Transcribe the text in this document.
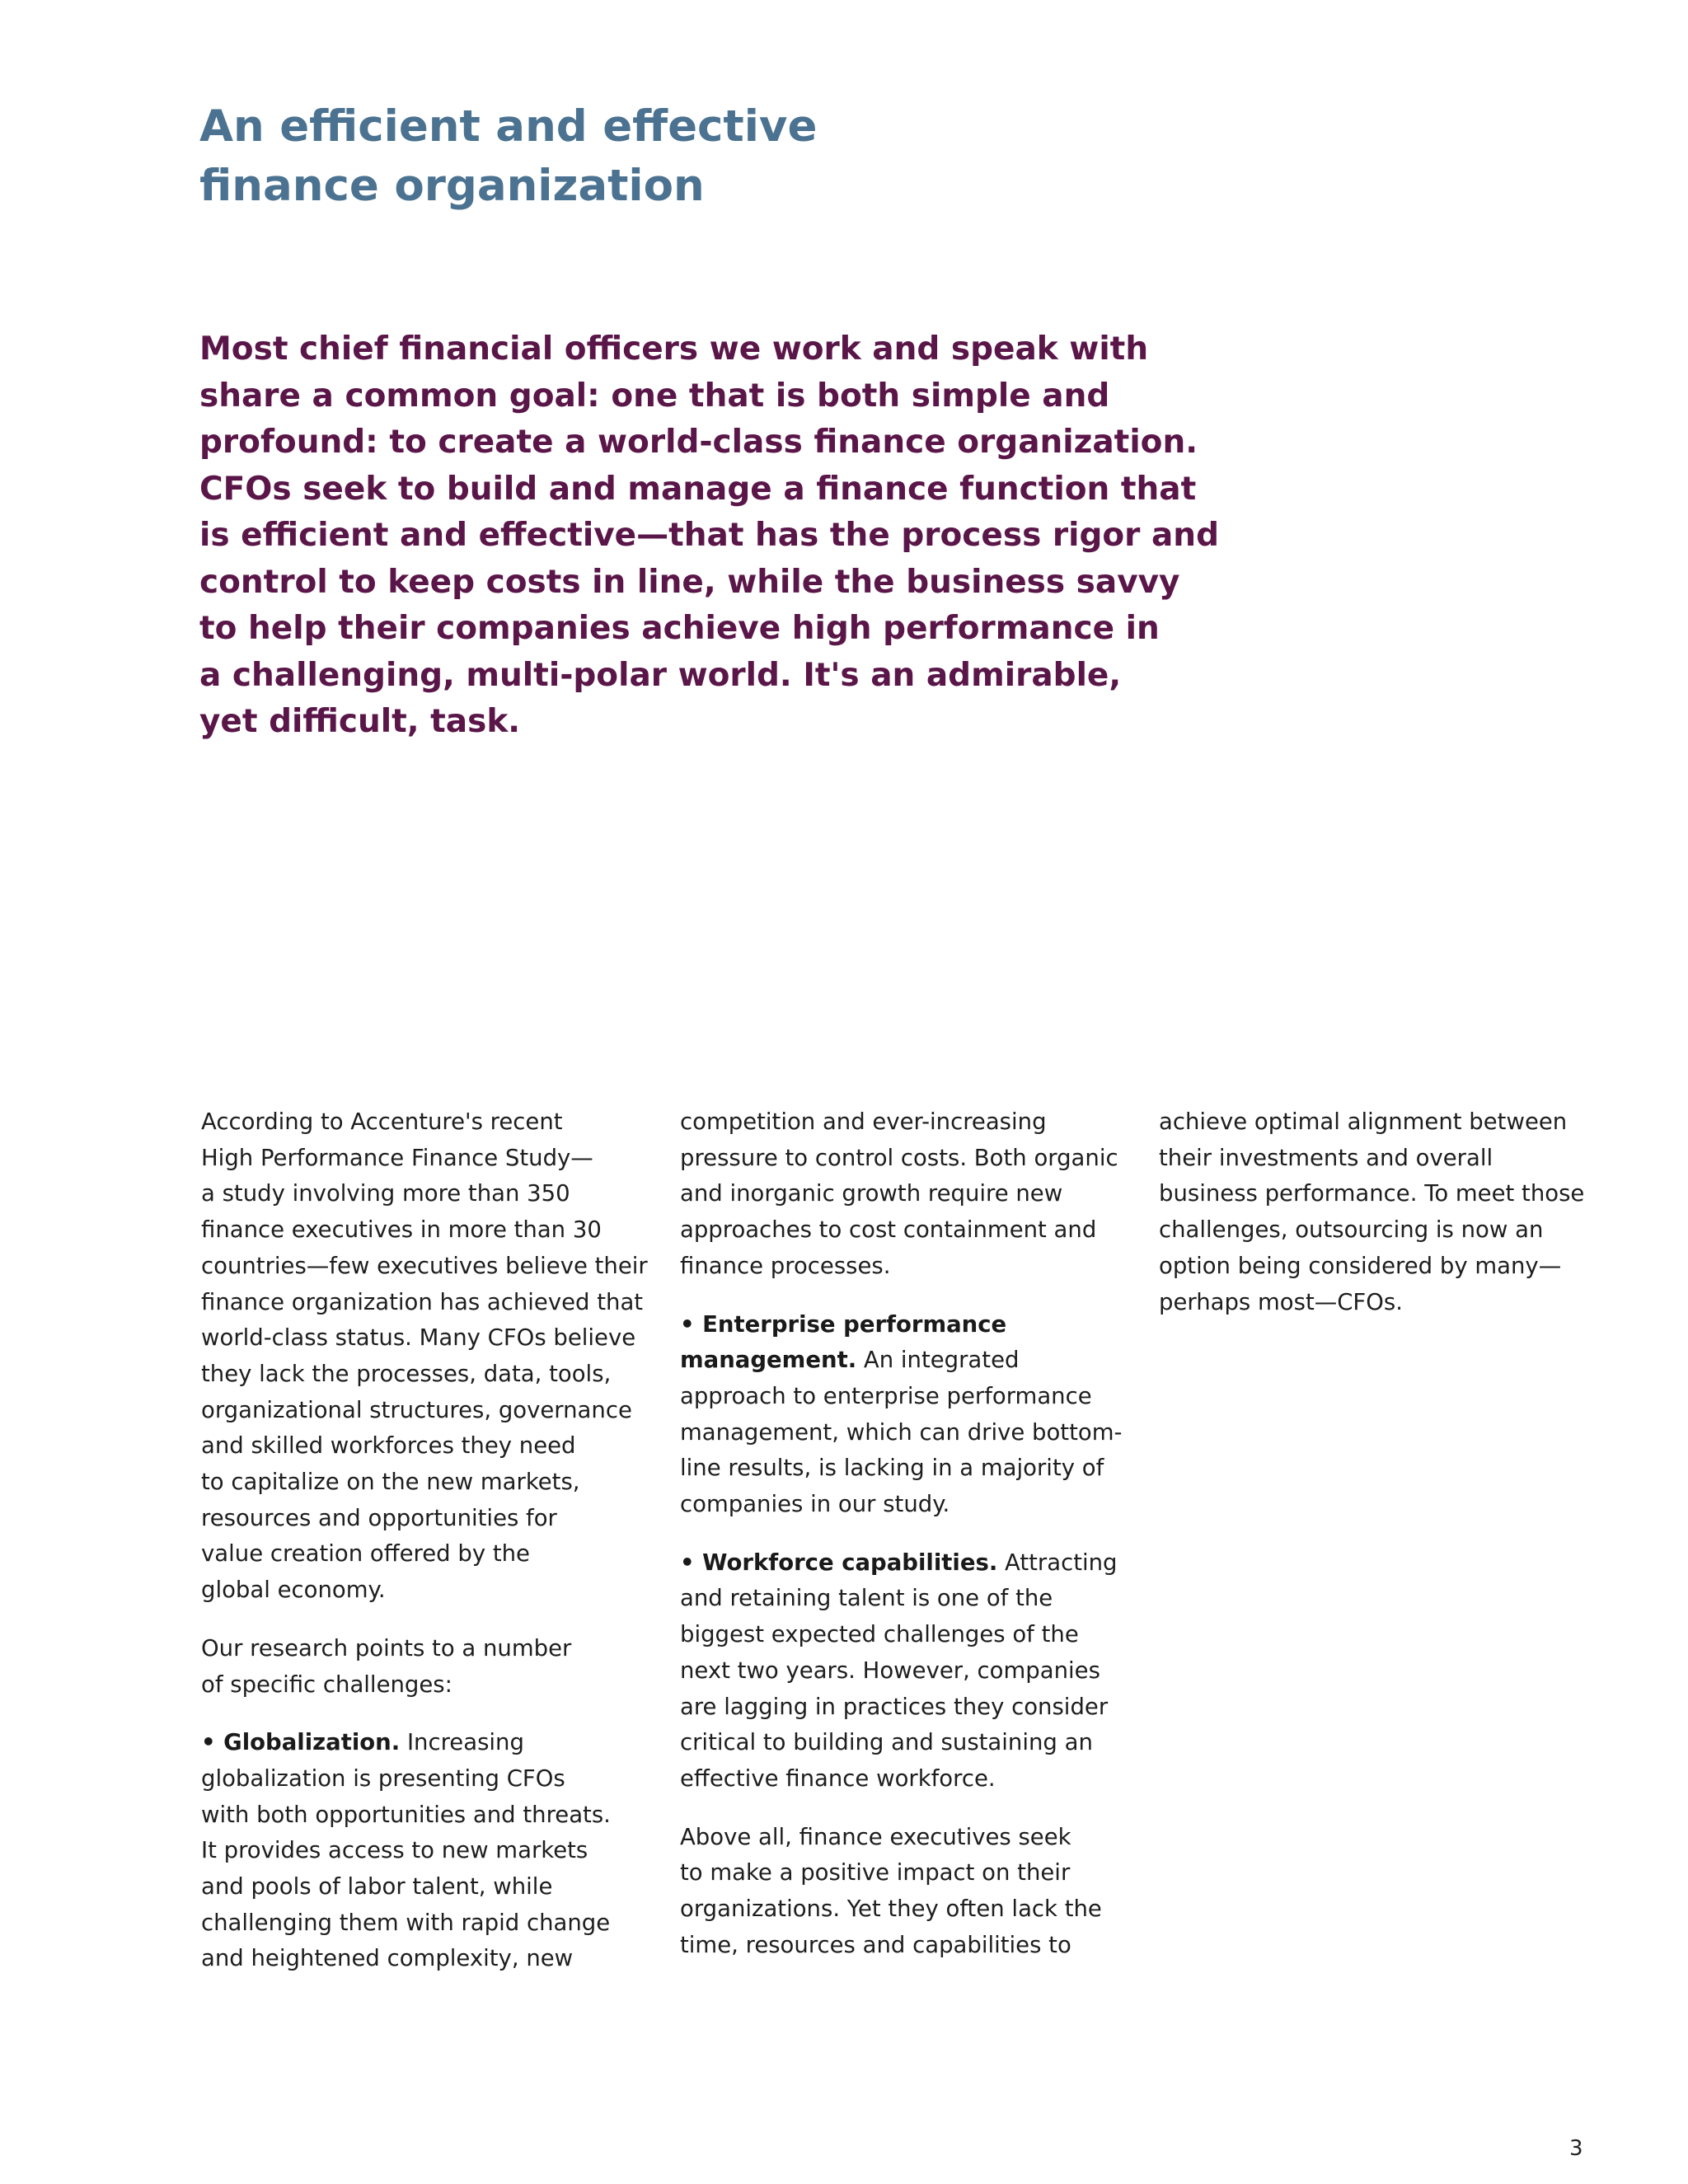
An efficient and effective
finance organization
Most chief financial officers we work and speak with
share a common goal: one that is both simple and
profound: to create a world-class finance organization.
CFOs seek to build and manage a finance function that
is efficient and effective—that has the process rigor and
control to keep costs in line, while the business savvy
to help their companies achieve high performance in
a challenging, multi-polar world. It's an admirable,
yet difficult, task.
According to Accenture's recent
High Performance Finance Study—
a study involving more than 350
finance executives in more than 30
countries—few executives believe their
finance organization has achieved that
world-class status. Many CFOs believe
they lack the processes, data, tools,
organizational structures, governance
and skilled workforces they need
to capitalize on the new markets,
resources and opportunities for
value creation offered by the
global economy.
Our research points to a number
of specific challenges:
• Globalization. Increasing
globalization is presenting CFOs
with both opportunities and threats.
It provides access to new markets
and pools of labor talent, while
challenging them with rapid change
and heightened complexity, new
competition and ever-increasing
pressure to control costs. Both organic
and inorganic growth require new
approaches to cost containment and
finance processes.
• Enterprise performance
management. An integrated
approach to enterprise performance
management, which can drive bottom-
line results, is lacking in a majority of
companies in our study.
• Workforce capabilities. Attracting
and retaining talent is one of the
biggest expected challenges of the
next two years. However, companies
are lagging in practices they consider
critical to building and sustaining an
effective finance workforce.
Above all, finance executives seek
to make a positive impact on their
organizations. Yet they often lack the
time, resources and capabilities to
achieve optimal alignment between
their investments and overall
business performance. To meet those
challenges, outsourcing is now an
option being considered by many—
perhaps most—CFOs.
3
